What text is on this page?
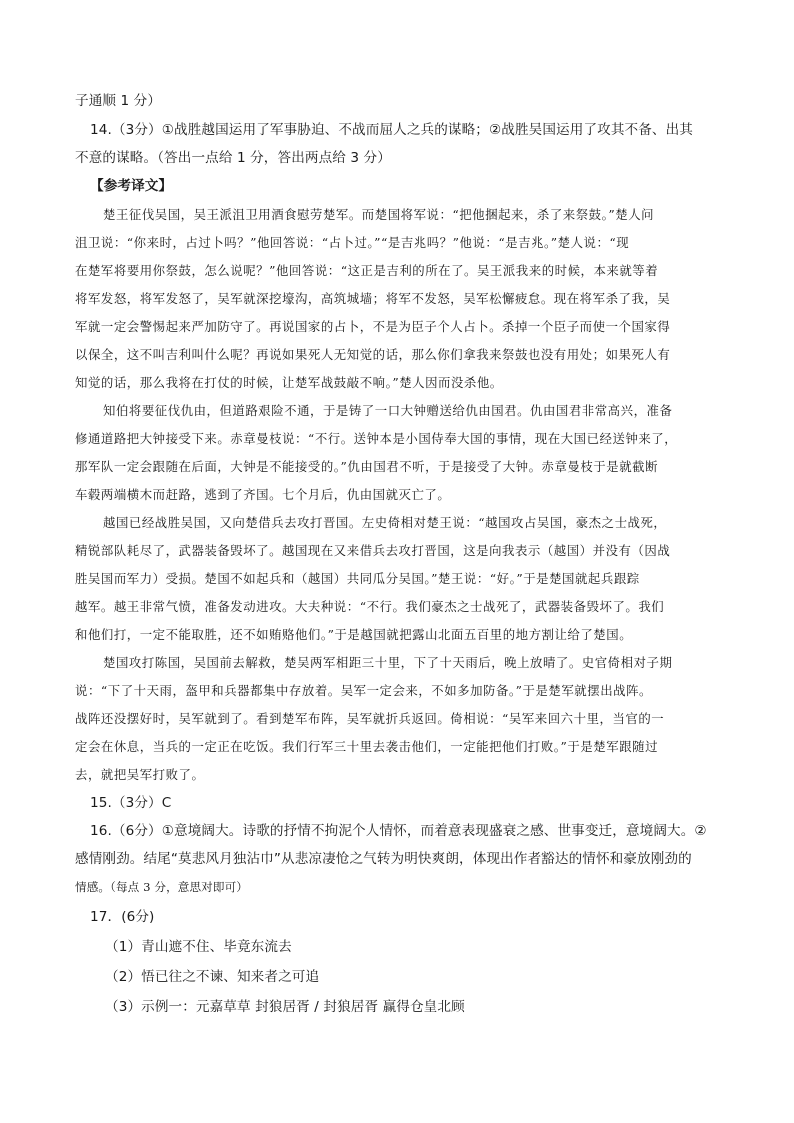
子通顺 1 分）
14.（3分）①战胜越国运用了军事胁迫、不战而屈人之兵的谋略；②战胜吴国运用了攻其不备、出其
不意的谋略。（答出一点给 1 分，答出两点给 3 分）
【参考译文】
楚王征伐吴国，吴王派沮卫用酒食慰劳楚军。而楚国将军说：“把他捆起来，杀了来祭鼓。”楚人问
沮卫说：“你来时，占过卜吗？”他回答说：“占卜过。”“是吉兆吗？”他说：“是吉兆。”楚人说：“现
在楚军将要用你祭鼓，怎么说呢？”他回答说：“这正是吉利的所在了。吴王派我来的时候，本来就等着
将军发怒，将军发怒了，吴军就深挖壕沟，高筑城墙；将军不发怒，吴军松懈疲怠。现在将军杀了我，吴
军就一定会警惕起来严加防守了。再说国家的占卜，不是为臣子个人占卜。杀掉一个臣子而使一个国家得
以保全，这不叫吉利叫什么呢？再说如果死人无知觉的话，那么你们拿我来祭鼓也没有用处；如果死人有
知觉的话，那么我将在打仗的时候，让楚军战鼓敲不响。”楚人因而没杀他。
知伯将要征伐仇由，但道路艰险不通，于是铸了一口大钟赠送给仇由国君。仇由国君非常高兴，准备
修通道路把大钟接受下来。赤章曼枝说：“不行。送钟本是小国侍奉大国的事情，现在大国已经送钟来了，
那军队一定会跟随在后面，大钟是不能接受的。”仇由国君不听，于是接受了大钟。赤章曼枝于是就截断
车毂两端横木而赶路，逃到了齐国。七个月后，仇由国就灭亡了。
越国已经战胜吴国，又向楚借兵去攻打晋国。左史倚相对楚王说：“越国攻占吴国，豪杰之士战死，
精锐部队耗尽了，武器装备毁坏了。越国现在又来借兵去攻打晋国，这是向我表示（越国）并没有（因战
胜吴国而军力）受损。楚国不如起兵和（越国）共同瓜分吴国。”楚王说：“好。”于是楚国就起兵跟踪
越军。越王非常气愤，准备发动进攻。大夫种说：“不行。我们豪杰之士战死了，武器装备毁坏了。我们
和他们打，一定不能取胜，还不如贿赂他们。”于是越国就把露山北面五百里的地方割让给了楚国。
楚国攻打陈国，吴国前去解救，楚吴两军相距三十里，下了十天雨后，晚上放晴了。史官倚相对子期
说：“下了十天雨，盔甲和兵器都集中存放着。吴军一定会来，不如多加防备。”于是楚军就摆出战阵。
战阵还没摆好时，吴军就到了。看到楚军布阵，吴军就折兵返回。倚相说：“吴军来回六十里，当官的一
定会在休息，当兵的一定正在吃饭。我们行军三十里去袭击他们，一定能把他们打败。”于是楚军跟随过
去，就把吴军打败了。
15.（3分）C
16.（6分）①意境阔大。诗歌的抒情不拘泥个人情怀，而着意表现盛衰之感、世事变迁，意境阔大。②
感情刚劲。结尾“莫悲风月独沾巾”从悲凉凄怆之气转为明快爽朗，体现出作者豁达的情怀和豪放刚劲的
情感。（每点 3 分，意思对即可）
17．(6分)
（1）青山遮不住、毕竟东流去
（2）悟已往之不谏、知来者之可追
（3）示例一：元嘉草草 封狼居胥 / 封狼居胥 赢得仓皇北顾
